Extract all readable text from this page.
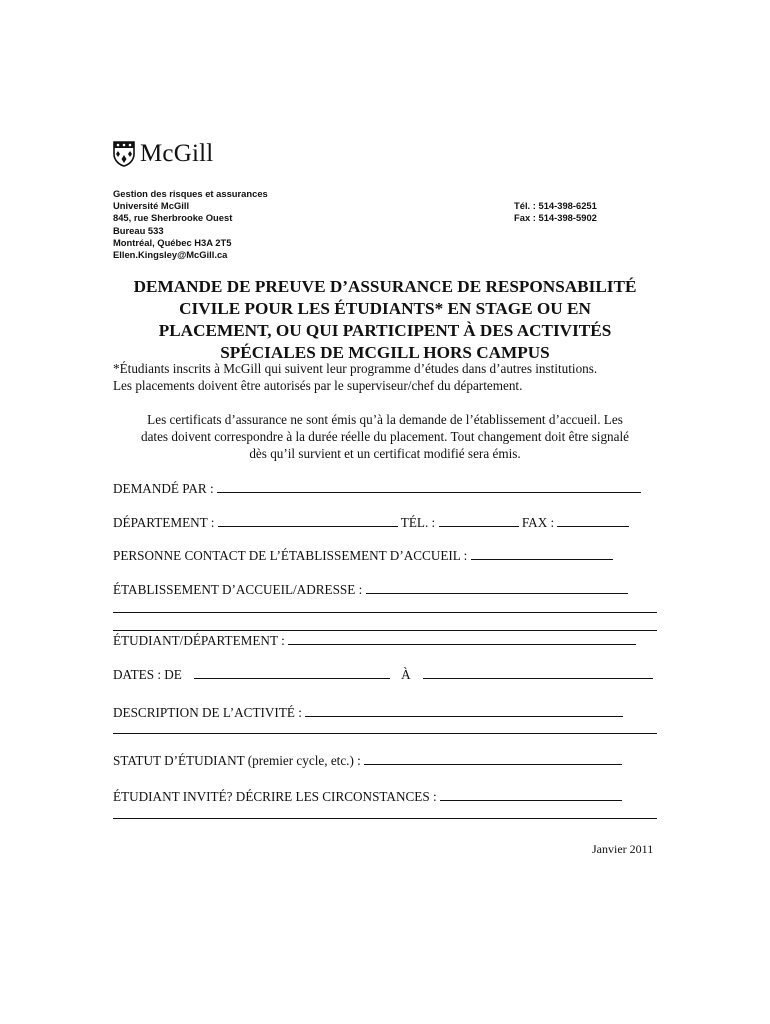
McGill
Gestion des risques et assurances
Université McGill
845, rue Sherbrooke Ouest
Bureau 533
Montréal, Québec H3A 2T5
Ellen.Kingsley@McGill.ca
Tél. : 514-398-6251
Fax : 514-398-5902
DEMANDE DE PREUVE D’ASSURANCE DE RESPONSABILITÉ
CIVILE POUR LES ÉTUDIANTS* EN STAGE OU EN
PLACEMENT, OU QUI PARTICIPENT À DES ACTIVITÉS
SPÉCIALES DE MCGILL HORS CAMPUS
*Étudiants inscrits à McGill qui suivent leur programme d’études dans d’autres institutions.
Les placements doivent être autorisés par le superviseur/chef du département.
Les certificats d’assurance ne sont émis qu’à la demande de l’établissement d’accueil. Les
dates doivent correspondre à la durée réelle du placement. Tout changement doit être signalé
dès qu’il survient et un certificat modifié sera émis.
DEMANDÉ PAR :
DÉPARTEMENT :	TÉL. :	FAX :
PERSONNE CONTACT DE L’ÉTABLISSEMENT D’ACCUEIL :
ÉTABLISSEMENT D’ACCUEIL/ADRESSE :
ÉTUDIANT/DÉPARTEMENT :
DATES : DE	À
DESCRIPTION DE L’ACTIVITÉ :
STATUT D’ÉTUDIANT (premier cycle, etc.) :
ÉTUDIANT INVITÉ? DÉCRIRE LES CIRCONSTANCES :
Janvier 2011
